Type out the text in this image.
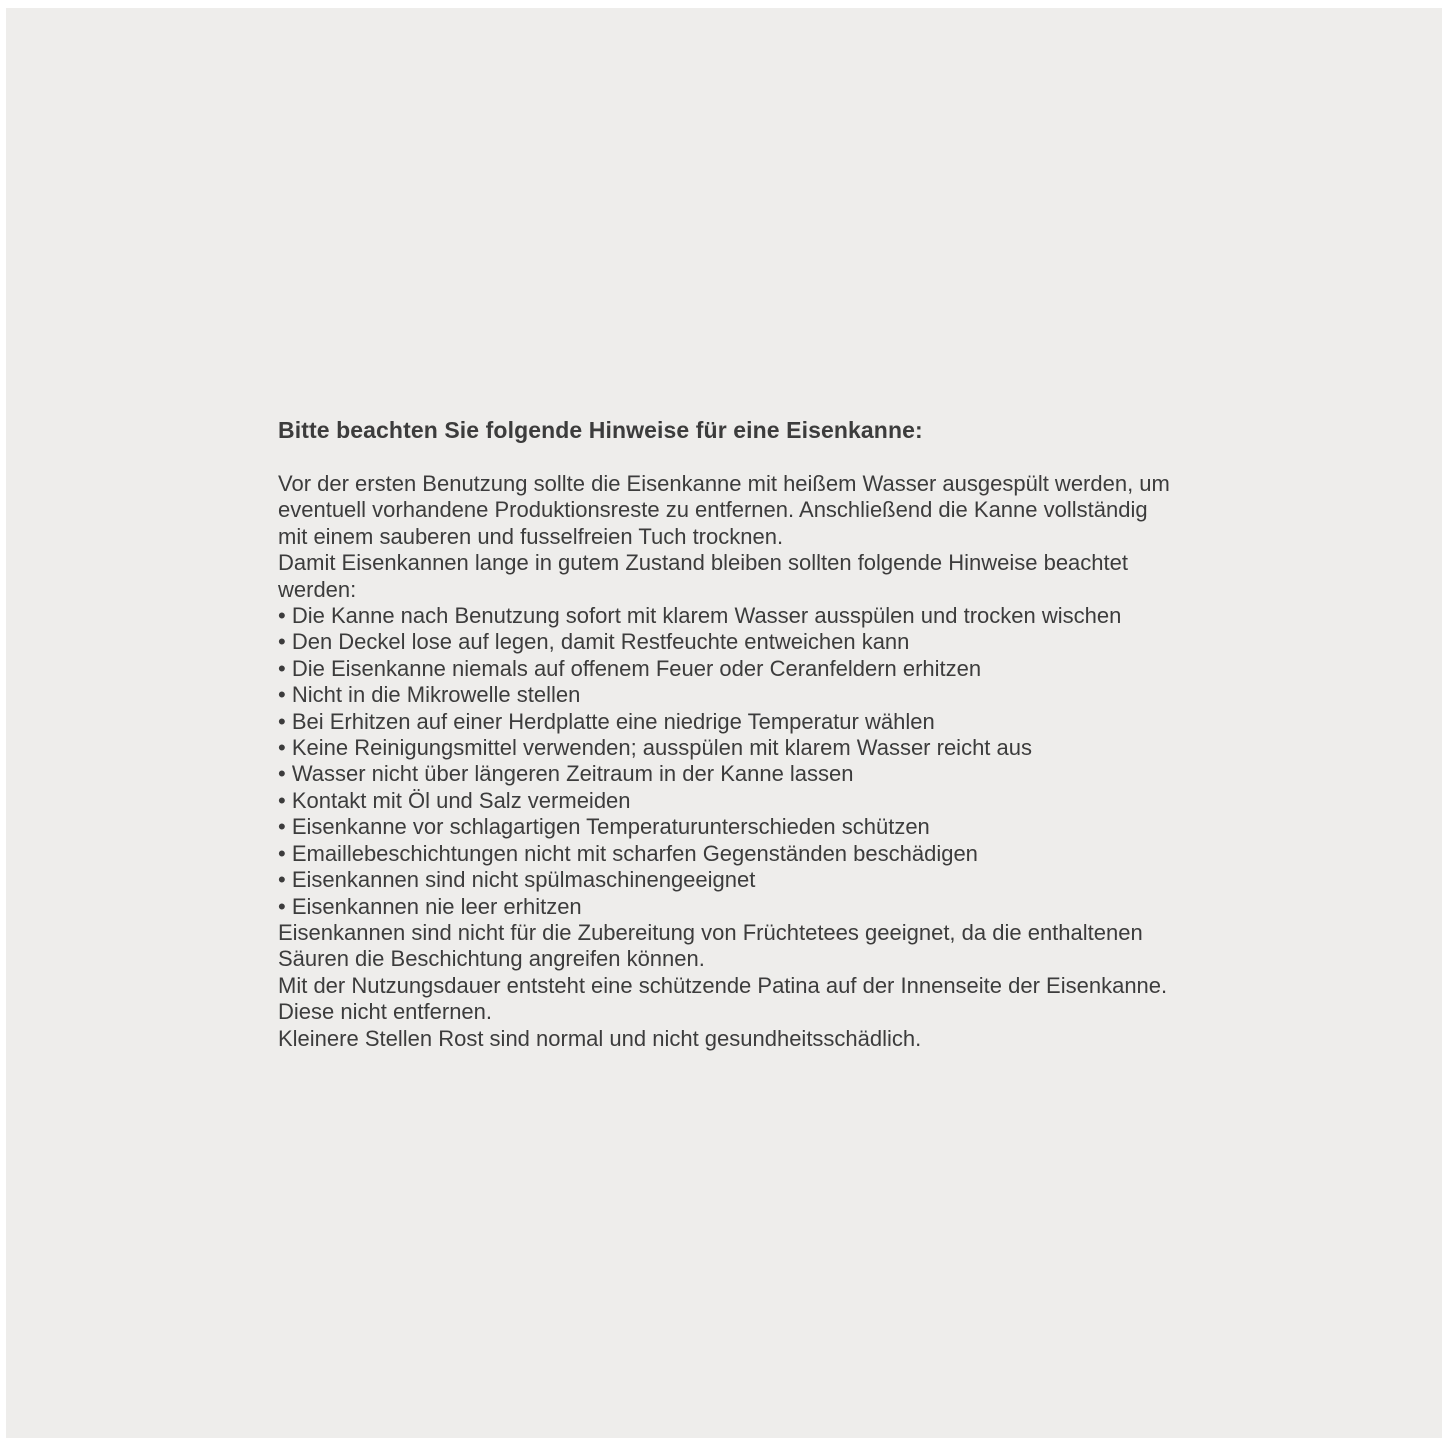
Bitte beachten Sie folgende Hinweise für eine Eisenkanne:
Vor der ersten Benutzung sollte die Eisenkanne mit heißem Wasser ausgespült werden, um eventuell vorhandene Produktionsreste zu entfernen. Anschließend die Kanne vollständig mit einem sauberen und fusselfreien Tuch trocknen.
Damit Eisenkannen lange in gutem Zustand bleiben sollten folgende Hinweise beachtet werden:
• Die Kanne nach Benutzung sofort mit klarem Wasser ausspülen und trocken wischen
• Den Deckel lose auf legen, damit Restfeuchte entweichen kann
• Die Eisenkanne niemals auf offenem Feuer oder Ceranfeldern erhitzen
• Nicht in die Mikrowelle stellen
• Bei Erhitzen auf einer Herdplatte eine niedrige Temperatur wählen
• Keine Reinigungsmittel verwenden; ausspülen mit klarem Wasser reicht aus
• Wasser nicht über längeren Zeitraum in der Kanne lassen
• Kontakt mit Öl und Salz vermeiden
• Eisenkanne vor schlagartigen Temperaturunterschieden schützen
• Emaillebeschichtungen nicht mit scharfen Gegenständen beschädigen
• Eisenkannen sind nicht spülmaschinengeeignet
• Eisenkannen nie leer erhitzen
Eisenkannen sind nicht für die Zubereitung von Früchtetees geeignet, da die enthaltenen Säuren die Beschichtung angreifen können.
Mit der Nutzungsdauer entsteht eine schützende Patina auf der Innenseite der Eisenkanne. Diese nicht entfernen.
Kleinere Stellen Rost sind normal und nicht gesundheitsschädlich.
